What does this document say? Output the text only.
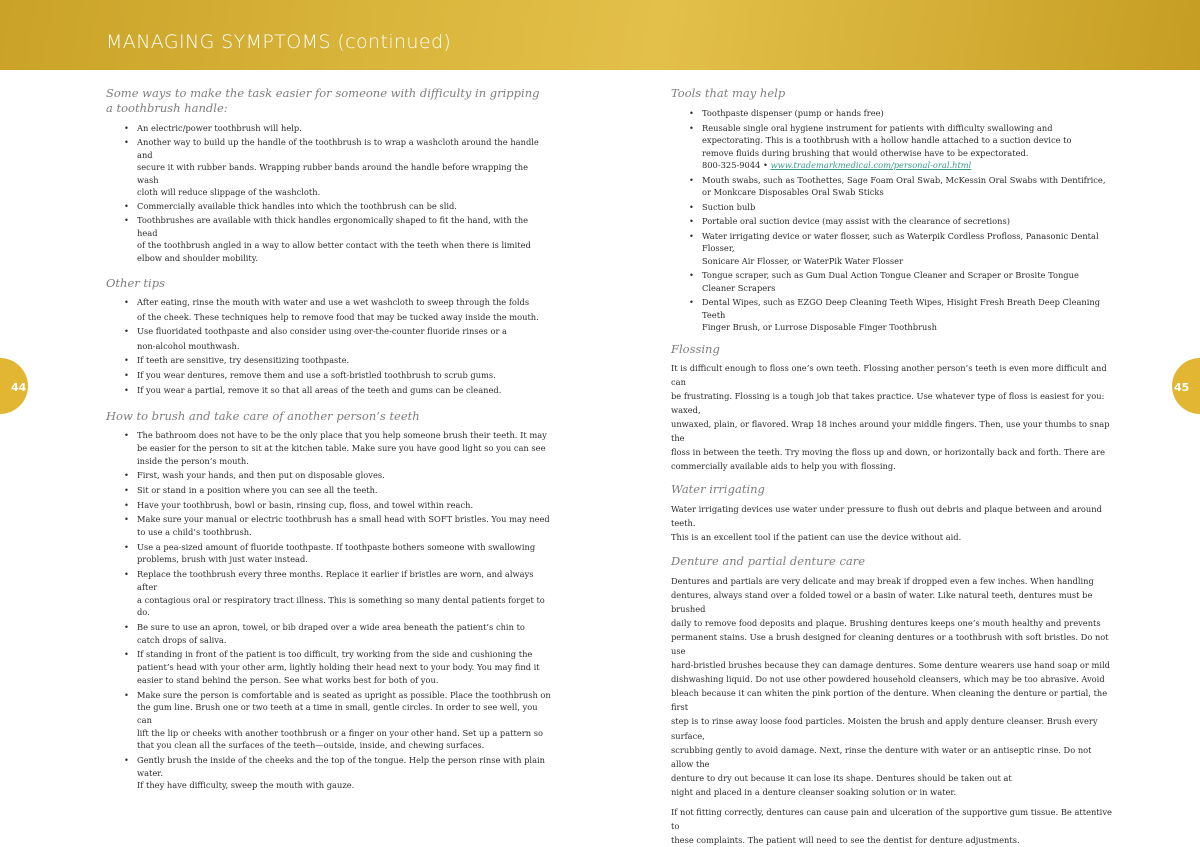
MANAGING SYMPTOMS (continued)
44	45
Some ways to make the task easier for someone with difficulty in gripping
a toothbrush handle:
• An electric/power toothbrush will help.
• Another way to build up the handle of the toothbrush is to wrap a washcloth around the handle and
secure it with rubber bands. Wrapping rubber bands around the handle before wrapping the wash
cloth will reduce slippage of the washcloth.
• Commercially available thick handles into which the toothbrush can be slid.
• Toothbrushes are available with thick handles ergonomically shaped to fit the hand, with the head
of the toothbrush angled in a way to allow better contact with the teeth when there is limited
elbow and shoulder mobility.
Other tips
• After eating, rinse the mouth with water and use a wet washcloth to sweep through the folds
of the cheek. These techniques help to remove food that may be tucked away inside the mouth.
• Use fluoridated toothpaste and also consider using over-the-counter fluoride rinses or a
non-alcohol mouthwash.
• If teeth are sensitive, try desensitizing toothpaste.
• If you wear dentures, remove them and use a soft-bristled toothbrush to scrub gums.
• If you wear a partial, remove it so that all areas of the teeth and gums can be cleaned.
How to brush and take care of another person’s teeth
• The bathroom does not have to be the only place that you help someone brush their teeth. It may
be easier for the person to sit at the kitchen table. Make sure you have good light so you can see
inside the person’s mouth.
• First, wash your hands, and then put on disposable gloves.
• Sit or stand in a position where you can see all the teeth.
• Have your toothbrush, bowl or basin, rinsing cup, floss, and towel within reach.
• Make sure your manual or electric toothbrush has a small head with SOFT bristles. You may need
to use a child’s toothbrush.
• Use a pea-sized amount of fluoride toothpaste. If toothpaste bothers someone with swallowing
problems, brush with just water instead.
• Replace the toothbrush every three months. Replace it earlier if bristles are worn, and always after
a contagious oral or respiratory tract illness. This is something so many dental patients forget to do.
• Be sure to use an apron, towel, or bib draped over a wide area beneath the patient’s chin to
catch drops of saliva.
• If standing in front of the patient is too difficult, try working from the side and cushioning the
patient’s head with your other arm, lightly holding their head next to your body. You may find it
easier to stand behind the person. See what works best for both of you.
• Make sure the person is comfortable and is seated as upright as possible. Place the toothbrush on
the gum line. Brush one or two teeth at a time in small, gentle circles. In order to see well, you can
lift the lip or cheeks with another toothbrush or a finger on your other hand. Set up a pattern so
that you clean all the surfaces of the teeth—outside, inside, and chewing surfaces.
• Gently brush the inside of the cheeks and the top of the tongue. Help the person rinse with plain water.
If they have difficulty, sweep the mouth with gauze.
Tools that may help
• Toothpaste dispenser (pump or hands free)
• Reusable single oral hygiene instrument for patients with difficulty swallowing and
expectorating. This is a toothbrush with a hollow handle attached to a suction device to
remove fluids during brushing that would otherwise have to be expectorated.
800-325-9044 • www.trademarkmedical.com/personal-oral.html
• Mouth swabs, such as Toothettes, Sage Foam Oral Swab, McKessin Oral Swabs with Dentifrice,
or Monkcare Disposables Oral Swab Sticks
• Suction bulb
• Portable oral suction device (may assist with the clearance of secretions)
• Water irrigating device or water flosser, such as Waterpik Cordless Profloss, Panasonic Dental Flosser,
Sonicare Air Flosser, or WaterPik Water Flosser
• Tongue scraper, such as Gum Dual Action Tongue Cleaner and Scraper or Brosite Tongue
Cleaner Scrapers
• Dental Wipes, such as EZGO Deep Cleaning Teeth Wipes, Hisight Fresh Breath Deep Cleaning Teeth
Finger Brush, or Lurrose Disposable Finger Toothbrush
Flossing

It is difficult enough to floss one’s own teeth. Flossing another person’s teeth is even more difficult and can
be frustrating. Flossing is a tough job that takes practice. Use whatever type of floss is easiest for you: waxed,
unwaxed, plain, or flavored. Wrap 18 inches around your middle fingers. Then, use your thumbs to snap the
floss in between the teeth. Try moving the floss up and down, or horizontally back and forth. There are
commercially available aids to help you with flossing.

Water irrigating

Water irrigating devices use water under pressure to flush out debris and plaque between and around teeth.
This is an excellent tool if the patient can use the device without aid.

Denture and partial denture care

Dentures and partials are very delicate and may break if dropped even a few inches. When handling
dentures, always stand over a folded towel or a basin of water. Like natural teeth, dentures must be brushed
daily to remove food deposits and plaque. Brushing dentures keeps one’s mouth healthy and prevents
permanent stains. Use a brush designed for cleaning dentures or a toothbrush with soft bristles. Do not use
hard-bristled brushes because they can damage dentures. Some denture wearers use hand soap or mild
dishwashing liquid. Do not use other powdered household cleansers, which may be too abrasive. Avoid
bleach because it can whiten the pink portion of the denture. When cleaning the denture or partial, the first
step is to rinse away loose food particles. Moisten the brush and apply denture cleanser. Brush every surface,
scrubbing gently to avoid damage. Next, rinse the denture with water or an antiseptic rinse. Do not allow the
denture to dry out because it can lose its shape. Dentures should be taken out at
night and placed in a denture cleanser soaking solution or in water.

If not fitting correctly, dentures can cause pain and ulceration of the supportive gum tissue. Be attentive to
these complaints. The patient will need to see the dentist for denture adjustments.
